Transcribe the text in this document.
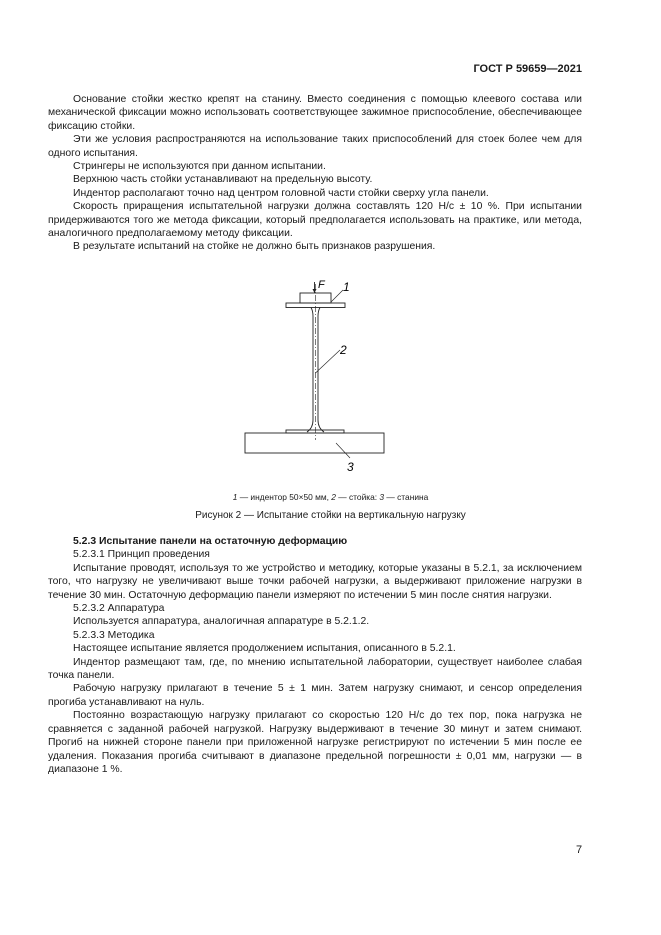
ГОСТ Р 59659—2021

Основание стойки жестко крепят на станину. Вместо соединения с помощью клеевого состава или механической фиксации можно использовать соответствующее зажимное приспособление, обеспечивающее фиксацию стойки.

Эти же условия распространяются на использование таких приспособлений для стоек более чем для одного испытания.

Стрингеры не используются при данном испытании.

Верхнюю часть стойки устанавливают на предельную высоту.

Индентор располагают точно над центром головной части стойки сверху угла панели.

Скорость приращения испытательной нагрузки должна составлять 120 Н/с ± 10 %. При испытании придерживаются того же метода фиксации, который предполагается использовать на практике, или метода, аналогичного предполагаемому методу фиксации.

В результате испытаний на стойке не должно быть признаков разрушения.

F 1
2
3
1 — индентор 50×50 мм, 2 — стойка: 3 — станина
Рисунок 2 — Испытание стойки на вертикальную нагрузку

5.2.3 Испытание панели на остаточную деформацию

5.2.3.1 Принцип проведения

Испытание проводят, используя то же устройство и методику, которые указаны в 5.2.1, за исключением того, что нагрузку не увеличивают выше точки рабочей нагрузки, а выдерживают приложение нагрузки в течение 30 мин. Остаточную деформацию панели измеряют по истечении 5 мин после снятия нагрузки.

5.2.3.2 Аппаратура

Используется аппаратура, аналогичная аппаратуре в 5.2.1.2.

5.2.3.3 Методика

Настоящее испытание является продолжением испытания, описанного в 5.2.1.

Индентор размещают там, где, по мнению испытательной лаборатории, существует наиболее слабая точка панели.

Рабочую нагрузку прилагают в течение 5 ± 1 мин. Затем нагрузку снимают, и сенсор определения прогиба устанавливают на нуль.

Постоянно возрастающую нагрузку прилагают со скоростью 120 Н/с до тех пор, пока нагрузка не сравняется с заданной рабочей нагрузкой. Нагрузку выдерживают в течение 30 минут и затем снимают. Прогиб на нижней стороне панели при приложенной нагрузке регистрируют по истечении 5 мин после ее удаления. Показания прогиба считывают в диапазоне предельной погрешности ± 0,01 мм, нагрузки — в диапазоне 1 %.

7
